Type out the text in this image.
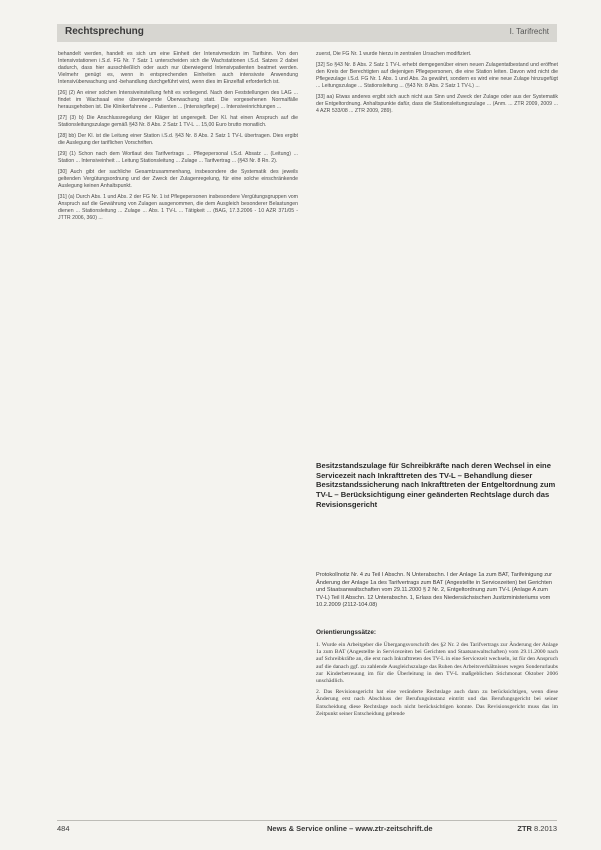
Rechtsprechung	I. Tarifrecht

behandelt werden, handelt es sich um eine Einheit der Intensivmedizin im Tarifsinn. Von den Intensivstationen i.S.d. FG Nr. 7 Satz 1 unterscheiden sich die Wachstationen i.S.d. Satzes 2 dabei dadurch, dass hier ausschließlich oder auch nur überwiegend Intensivpatienten beatmet werden. Vielmehr genügt es, wenn in entsprechenden Einheiten auch intensivste Anwendung Intensivüberwachung und -behandlung durchgeführt wird, wenn dies im Einzelfall erforderlich ist.

[26] (2) An einer solchen Intensiveinstellung fehlt es vorliegend. Nach den Feststellungen des LAG ... findet im Wachsaal eine überwiegende Überwachung statt. Die vorgesehenen Normalfälle herausgehoben ist. Die Klinikerfahrene ... Patienten ... (Intensivpflege) ... Intensiveinrichtungen ...

[27] (3) b) Die Anschlussregelung der Kläger ist ungeregelt. Der Kl. hat einen Anspruch auf die Stationsleitungszulage gemäß §43 Nr. 8 Abs. 2 Satz 1 TV-L ... 15,00 Euro brutto monatlich.

[28] bb) Der Kl. ist die Leitung einer Station i.S.d. §43 Nr. 8 Abs. 2 Satz 1 TV-L übertragen. Dies ergibt die Auslegung der tariflichen Vorschriften.

[29] (1) Schon nach dem Wortlaut des Tarifvertrags ... Pflegepersonal i.S.d. Absatz ... (Leitung) ... Station ... Intensiveinheit ... Leitung Stationsleitung ... Zulage ... Tarifvertrag ... (§43 Nr. 8 Rn. 2).

[30] Auch gibt der sachliche Gesamtzusammenhang, insbesondere die Systematik des jeweils geltenden Vergütungsordnung und der Zweck der Zulagenregelung, für eine solche einschränkende Auslegung keinen Anhaltspunkt.

[31] (a) Durch Abs. 1 und Abs. 2 der FG Nr. 1 ist Pflegepersonen insbesondere Vergütungsgruppen vom Anspruch auf die Gewährung von Zulagen ausgenommen, die dem Ausgleich besonderer Belastungen dienen ... Stationsleitung ... Zulage ... Abs. 1 TV-L ... Tätigkeit ... (BAG, 17.3.2006 - 10 AZR 371/05 - JTTR 2006, 360) ...

zuerst, Die FG Nr. 1 wurde hierzu in zentralen Ursachen modifiziert.

[32] So §43 Nr. 8 Abs. 2 Satz 1 TV-L erhebt demgegenüber einen neuen Zulagentatbestand und eröffnet den Kreis der Berechtigten auf diejenigen Pflegepersonen, die eine Station leiten. Davon wird nicht die Pflegezulage i.S.d. FG Nr. 1 Abs. 1 und Abs. 2a gewährt, sondern es wird eine neue Zulage hinzugefügt ... Leitungszulage ... Stationsleitung ... (§43 Nr. 8 Abs. 2 Satz 1 TV-L) ...

[33] aa) Etwas anderes ergibt sich auch nicht aus Sinn und Zweck der Zulage oder aus der Systematik der Entgeltordnung. Anhaltspunkte dafür, dass die Stationsleitungszulage ... (Anm. ... ZTR 2009, 2009 ... 4 AZR 533/08 ... ZTR 2009, 289).

Besitzstandszulage für Schreibkräfte nach deren Wechsel in eine Servicezeit nach Inkrafttreten des TV-L – Behandlung dieser Besitzstandssicherung nach Inkrafttreten der Entgeltordnung zum TV-L – Berücksichtigung einer geänderten Rechtslage durch das Revisionsgericht
Protokollnotiz Nr. 4 zu Teil I Abschn. N Unterabschn. I der Anlage 1a zum BAT, Tarifeinigung zur Änderung der Anlage 1a des Tarifvertrags zum BAT (Angestellte in Servicezeiten) bei Gerichten und Staatsanwaltschaften vom 29.11.2000 § 2 Nr. 2, Entgeltordnung zum TV-L (Anlage A zum TV-L) Teil II Abschn. 12 Unterabschn. 1, Erlass des Niedersächsischen Justizministeriums vom 10.2.2009 (2112-104.08)
Orientierungssätze:

1. Wurde ein Arbeitgeber die Übergangsvorschrift des §2 Nr. 2 des Tarifvertrags zur Änderung der Anlage 1a zum BAT (Angestellte in Servicezeiten bei Gerichten und Staatsanwaltschaften) vom 29.11.2000 nach auf Schreibkräfte an, die erst nach Inkrafttreten des TV-L in eine Servicezeit wechseln, ist für den Anspruch auf die danach ggf. zu zahlende Ausgleichszulage das Ruhen des Arbeitsverhältnisses wegen Sonderurlaubs zur Kinderbetreuung im für die Überleitung in den TV-L maßgeblichen Stichmonat Oktober 2006 unschädlich.

2. Das Revisionsgericht hat eine veränderte Rechtslage auch dann zu berücksichtigen, wenn diese Änderung erst nach Abschluss der Berufungsinstanz eintritt und das Berufungsgericht bei seiner Entscheidung diese Rechtslage noch nicht berücksichtigen konnte. Das Revisionsgericht muss das im Zeitpunkt seiner Entscheidung geltende

484	News & Service online – www.ztr-zeitschrift.de	ZTR 8.2013
